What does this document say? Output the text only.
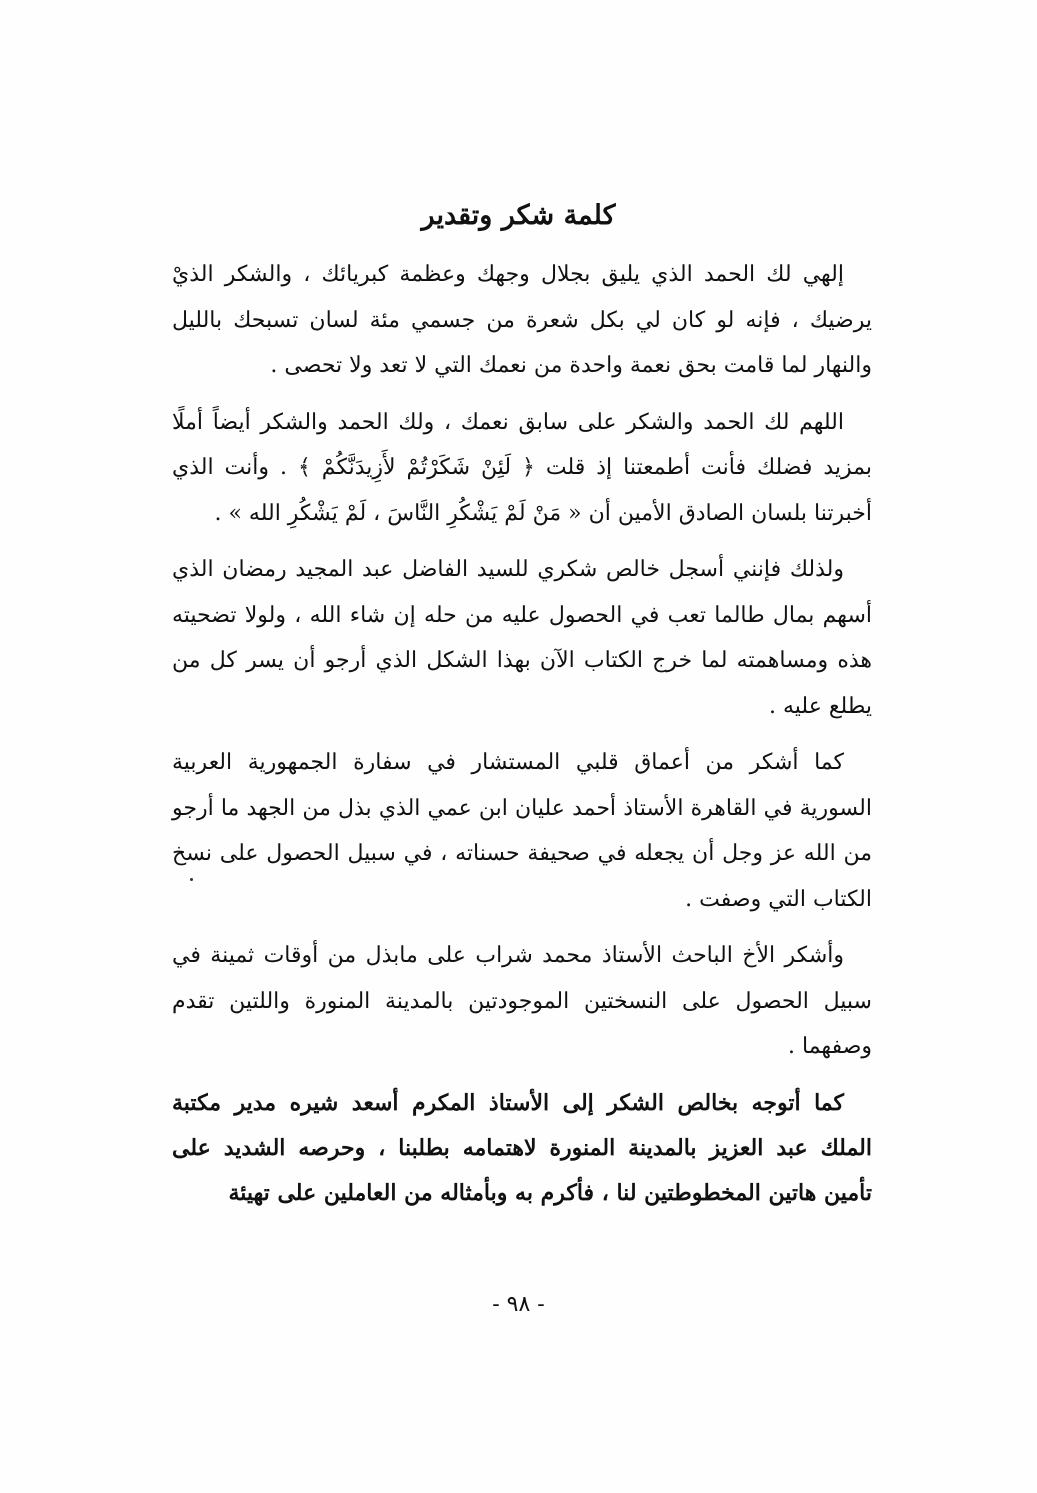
كلمة شكر وتقدير

إلهي لك الحمد الذي يليق بجلال وجهك وعظمة كبريائك ، والشكر الذيْ يرضيك ، فإنه لو كان لي بكل شعرة من جسمي مئة لسان تسبحك بالليل والنهار لما قامت بحق نعمة واحدة من نعمك التي لا تعد ولا تحصى .

اللهم لك الحمد والشكر على سابق نعمك ، ولك الحمد والشكر أيضاً أملًا بمزيد فضلك فأنت أطمعتنا إذ قلت ﴿ لَئِنْ شَكَرْتُمْ لأَزِيدَنَّكُمْ ﴾ . وأنت الذي أخبرتنا بلسان الصادق الأمين أن « مَنْ لَمْ يَشْكُرِ النَّاسَ ، لَمْ يَشْكُرِ الله » .

ولذلك فإنني أسجل خالص شكري للسيد الفاضل عبد المجيد رمضان الذي أسهم بمال طالما تعب في الحصول عليه من حله إن شاء الله ، ولولا تضحيته هذه ومساهمته لما خرج الكتاب الآن بهذا الشكل الذي أرجو أن يسر كل من يطلع عليه .

كما أشكر من أعماق قلبي المستشار في سفارة الجمهورية العربية السورية في القاهرة الأستاذ أحمد عليان ابن عمي الذي بذل من الجهد ما أرجو من الله عز وجل أن يجعله في صحيفة حسناته ، في سبيل الحصول على نسخ الكتاب التي وصفت .

وأشكر الأخ الباحث الأستاذ محمد شراب على مابذل من أوقات ثمينة في سبيل الحصول على النسختين الموجودتين بالمدينة المنورة واللتين تقدم وصفهما .

كما أتوجه بخالص الشكر إلى الأستاذ المكرم أسعد شيره مدير مكتبة الملك عبد العزيز بالمدينة المنورة لاهتمامه بطلبنا ، وحرصه الشديد على تأمين هاتين المخطوطتين لنا ، فأكرم به وبأمثاله من العاملين على تهيئة

- ٩٨ -
